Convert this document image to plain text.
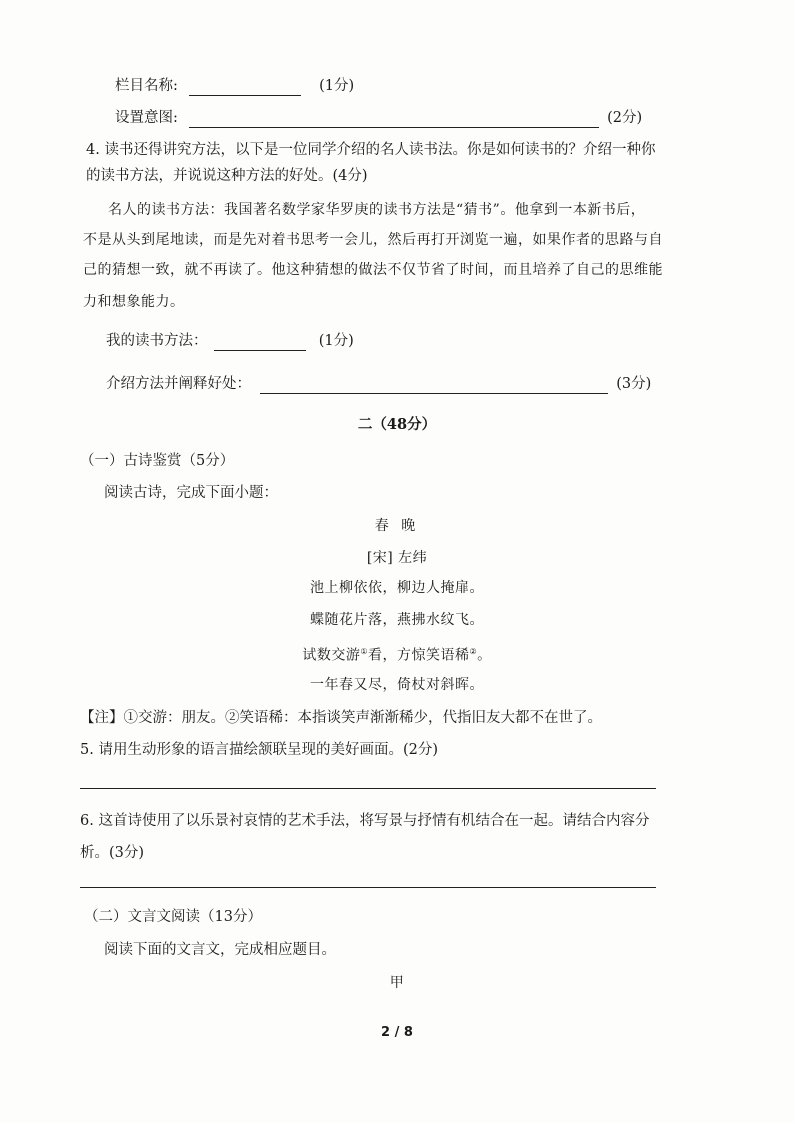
栏目名称:	(1分)
设置意图:	(2分)
4. 读书还得讲究方法，以下是一位同学介绍的名人读书法。你是如何读书的？介绍一种你
的读书方法，并说说这种方法的好处。(4分)
名人的读书方法：我国著名数学家华罗庚的读书方法是“猜书”。他拿到一本新书后，
不是从头到尾地读，而是先对着书思考一会儿，然后再打开浏览一遍，如果作者的思路与自
己的猜想一致，就不再读了。他这种猜想的做法不仅节省了时间，而且培养了自己的思维能
力和想象能力。
我的读书方法：	(1分)
介绍方法并阐释好处：	(3分)
二（48分）
（一）古诗鉴赏（5分）
阅读古诗，完成下面小题：
春 晚
[宋] 左纬
池上柳依依，柳边人掩扉。
蝶随花片落，燕拂水纹飞。
试数交游①看，方惊笑语稀②。
一年春又尽，倚杖对斜晖。
【注】①交游：朋友。②笑语稀：本指谈笑声渐渐稀少，代指旧友大都不在世了。
5. 请用生动形象的语言描绘颔联呈现的美好画面。(2分)
6. 这首诗使用了以乐景衬哀情的艺术手法，将写景与抒情有机结合在一起。请结合内容分
析。(3分)
（二）文言文阅读（13分）
阅读下面的文言文，完成相应题目。
甲
2 / 8
